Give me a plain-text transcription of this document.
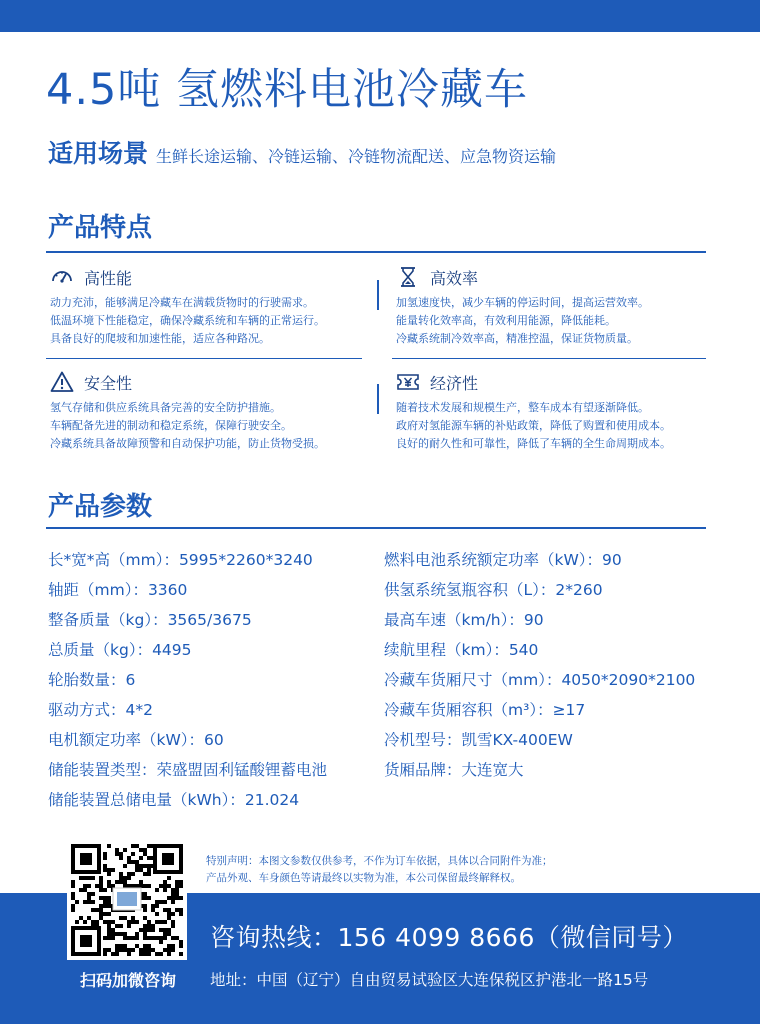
4.5吨 氢燃料电池冷藏车
适用场景 生鲜长途运输、冷链运输、冷链物流配送、应急物资运输
产品特点
高性能
动力充沛，能够满足冷藏车在满载货物时的行驶需求。
低温环境下性能稳定，确保冷藏系统和车辆的正常运行。
具备良好的爬坡和加速性能，适应各种路况。
高效率
加氢速度快，减少车辆的停运时间，提高运营效率。
能量转化效率高，有效利用能源，降低能耗。
冷藏系统制冷效率高，精准控温，保证货物质量。
安全性
氢气存储和供应系统具备完善的安全防护措施。
车辆配备先进的制动和稳定系统，保障行驶安全。
冷藏系统具备故障预警和自动保护功能，防止货物受损。
经济性
随着技术发展和规模生产，整车成本有望逐渐降低。
政府对氢能源车辆的补贴政策，降低了购置和使用成本。
良好的耐久性和可靠性，降低了车辆的全生命周期成本。
产品参数
长*宽*高（mm）：5995*2260*3240
轴距（mm）：3360
整备质量（kg）：3565/3675
总质量（kg）：4495
轮胎数量：6
驱动方式：4*2
电机额定功率（kW）：60
储能装置类型：荣盛盟固利锰酸锂蓄电池
储能装置总储电量（kWh）：21.024
燃料电池系统额定功率（kW）：90
供氢系统氢瓶容积（L）：2*260
最高车速（km/h）：90
续航里程（km）：540
冷藏车货厢尺寸（mm）：4050*2090*2100
冷藏车货厢容积（m³）：≥17
冷机型号：凯雪KX-400EW
货厢品牌：大连宽大
特别声明：本图文参数仅供参考，不作为订车依据，具体以合同附件为准；
产品外观、车身颜色等请最终以实物为准，本公司保留最终解释权。
扫码加微咨询
咨询热线：156 4099 8666（微信同号）
地址：中国（辽宁）自由贸易试验区大连保税区护港北一路15号
